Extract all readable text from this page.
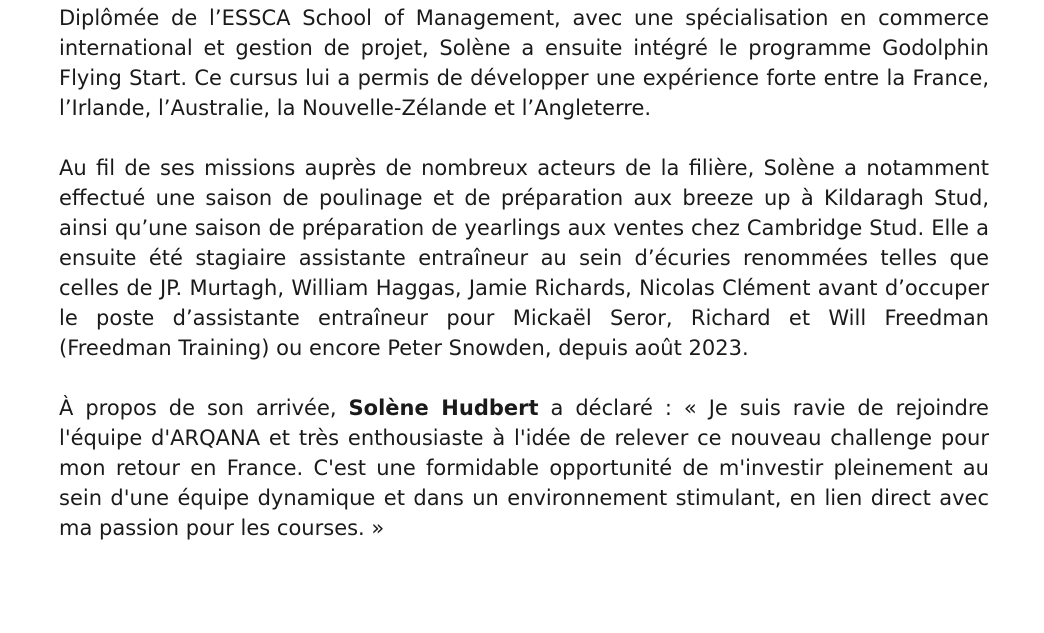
Diplômée de l’ESSCA School of Management, avec une spécialisation en commerce international et gestion de projet, Solène a ensuite intégré le programme Godolphin Flying Start. Ce cursus lui a permis de développer une expérience forte entre la France, l’Irlande, l’Australie, la Nouvelle-Zélande et l’Angleterre.

Au fil de ses missions auprès de nombreux acteurs de la filière, Solène a notamment effectué une saison de poulinage et de préparation aux breeze up à Kildaragh Stud, ainsi qu’une saison de préparation de yearlings aux ventes chez Cambridge Stud. Elle a ensuite été stagiaire assistante entraîneur au sein d’écuries renommées telles que celles de JP. Murtagh, William Haggas, Jamie Richards, Nicolas Clément avant d’occuper le poste d’assistante entraîneur pour Mickaël Seror, Richard et Will Freedman (Freedman Training) ou encore Peter Snowden, depuis août 2023.

À propos de son arrivée, Solène Hudbert a déclaré : « Je suis ravie de rejoindre l'équipe d'ARQANA et très enthousiaste à l'idée de relever ce nouveau challenge pour mon retour en France. C'est une formidable opportunité de m'investir pleinement au sein d'une équipe dynamique et dans un environnement stimulant, en lien direct avec ma passion pour les courses. »
